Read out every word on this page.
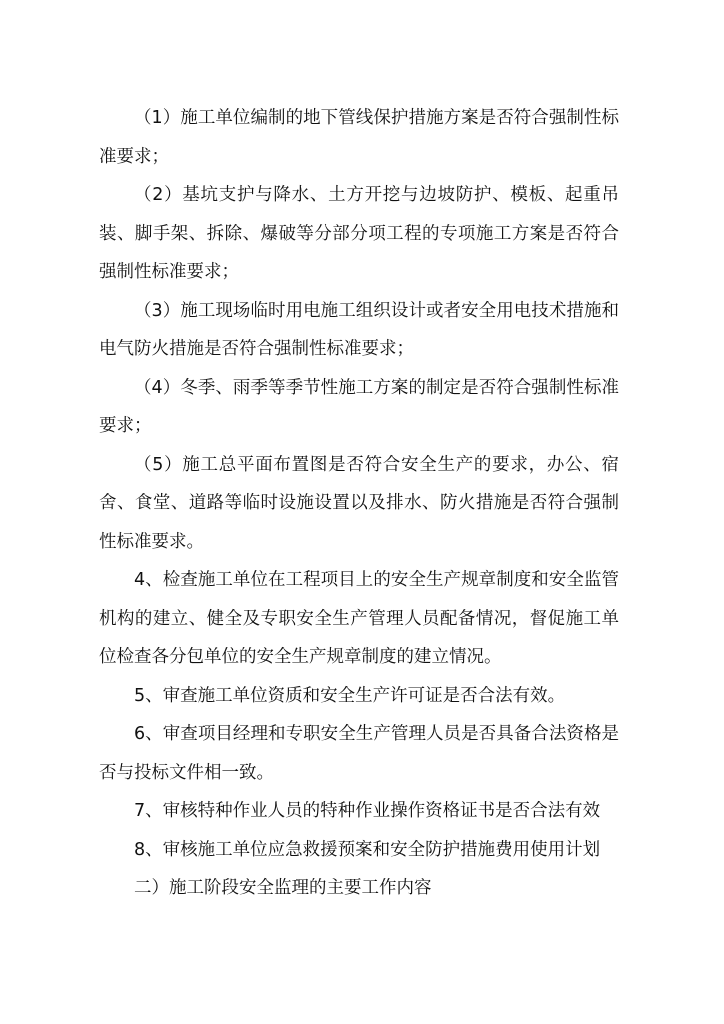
（1）施工单位编制的地下管线保护措施方案是否符合强制性标准要求；

（2）基坑支护与降水、土方开挖与边坡防护、模板、起重吊装、脚手架、拆除、爆破等分部分项工程的专项施工方案是否符合强制性标准要求；

（3）施工现场临时用电施工组织设计或者安全用电技术措施和电气防火措施是否符合强制性标准要求；

（4）冬季、雨季等季节性施工方案的制定是否符合强制性标准要求；

（5）施工总平面布置图是否符合安全生产的要求，办公、宿舍、食堂、道路等临时设施设置以及排水、防火措施是否符合强制性标准要求。

4、检查施工单位在工程项目上的安全生产规章制度和安全监管机构的建立、健全及专职安全生产管理人员配备情况，督促施工单位检查各分包单位的安全生产规章制度的建立情况。

5、审查施工单位资质和安全生产许可证是否合法有效。

6、审查项目经理和专职安全生产管理人员是否具备合法资格是否与投标文件相一致。

7、审核特种作业人员的特种作业操作资格证书是否合法有效

8、审核施工单位应急救援预案和安全防护措施费用使用计划

二）施工阶段安全监理的主要工作内容
